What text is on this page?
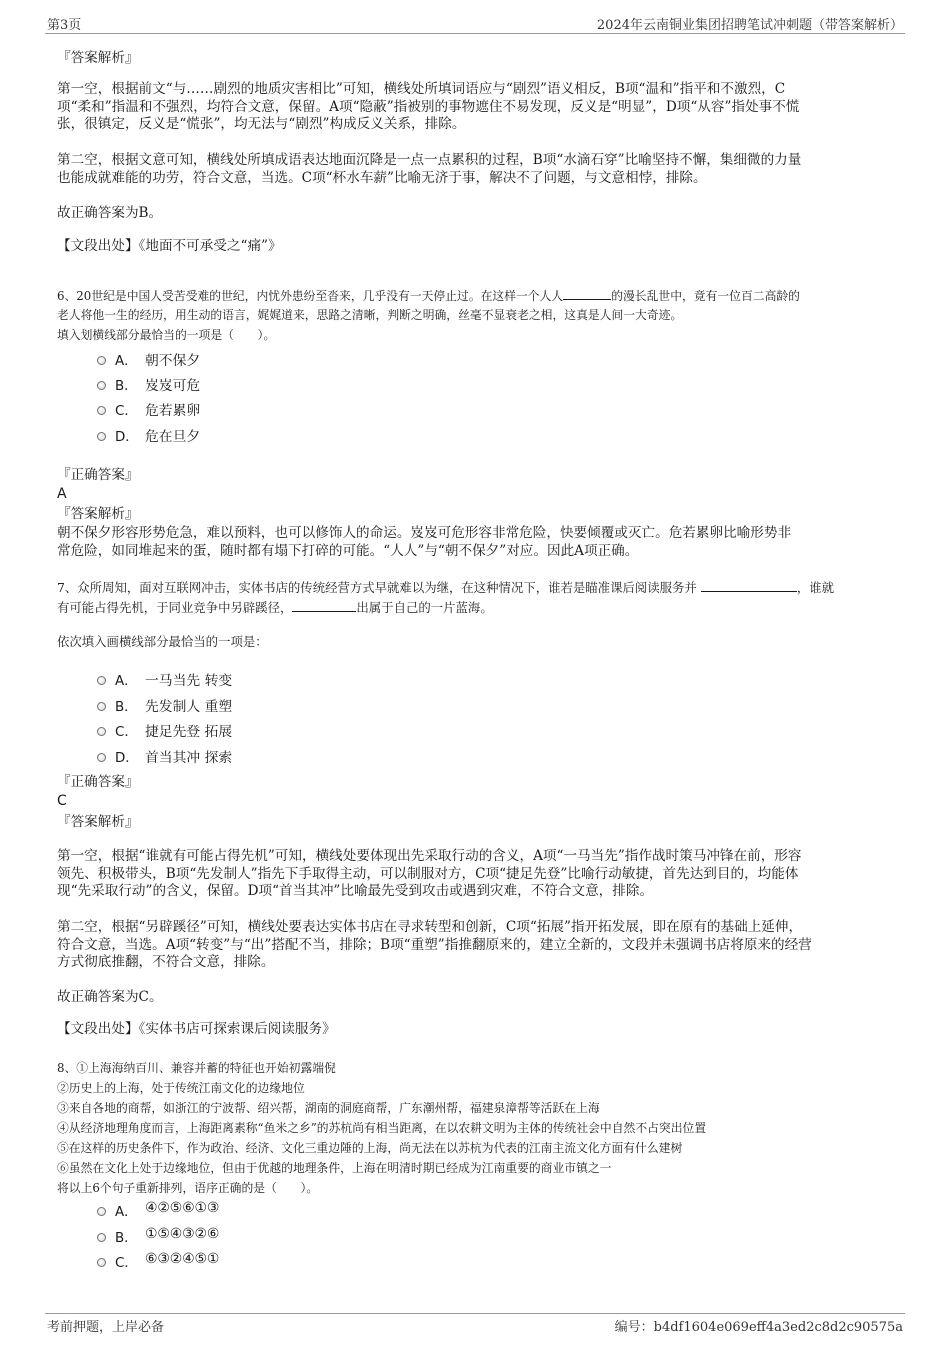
第3页	2024年云南铜业集团招聘笔试冲刺题（带答案解析）
『答案解析』
第一空，根据前文“与……剧烈的地质灾害相比”可知，横线处所填词语应与“剧烈”语义相反，B项“温和”指平和不激烈，C
项“柔和”指温和不强烈，均符合文意，保留。A项“隐蔽”指被别的事物遮住不易发现，反义是“明显”，D项“从容”指处事不慌
张，很镇定，反义是“慌张”，均无法与“剧烈”构成反义关系，排除。
第二空，根据文意可知，横线处所填成语表达地面沉降是一点一点累积的过程，B项“水滴石穿”比喻坚持不懈，集细微的力量
也能成就难能的功劳，符合文意，当选。C项“杯水车薪”比喻无济于事，解决不了问题，与文意相悖，排除。
故正确答案为B。
【文段出处】《地面不可承受之“痛”》
6、20世纪是中国人受苦受难的世纪，内忧外患纷至沓来，几乎没有一天停止过。在这样一个人人	的漫长乱世中，竟有一位百二高龄的
老人将他一生的经历，用生动的语言，娓娓道来，思路之清晰，判断之明确，丝毫不显衰老之相，这真是人间一大奇迹。
填入划横线部分最恰当的一项是（　　）。
A． 朝不保夕
B． 岌岌可危
C． 危若累卵
D． 危在旦夕
『正确答案』
A
『答案解析』
朝不保夕形容形势危急，难以预料，也可以修饰人的命运。岌岌可危形容非常危险，快要倾覆或灭亡。危若累卵比喻形势非
常危险，如同堆起来的蛋，随时都有塌下打碎的可能。“人人”与“朝不保夕”对应。因此A项正确。
7、众所周知，面对互联网冲击，实体书店的传统经营方式早就难以为继，在这种情况下，谁若是瞄准课后阅读服务并	，谁就
有可能占得先机，于同业竞争中另辟蹊径，	出属于自己的一片蓝海。
依次填入画横线部分最恰当的一项是：
A． 一马当先 转变
B． 先发制人 重塑
C． 捷足先登 拓展
D． 首当其冲 探索
『正确答案』
C
『答案解析』
第一空，根据“谁就有可能占得先机”可知，横线处要体现出先采取行动的含义，A项“一马当先”指作战时策马冲锋在前，形容
领先、积极带头，B项“先发制人”指先下手取得主动，可以制服对方，C项“捷足先登”比喻行动敏捷，首先达到目的，均能体
现“先采取行动”的含义，保留。D项“首当其冲”比喻最先受到攻击或遇到灾难，不符合文意，排除。
第二空，根据“另辟蹊径”可知，横线处要表达实体书店在寻求转型和创新，C项“拓展”指开拓发展，即在原有的基础上延伸，
符合文意，当选。A项“转变”与“出”搭配不当，排除；B项“重塑”指推翻原来的，建立全新的，文段并未强调书店将原来的经营
方式彻底推翻，不符合文意，排除。
故正确答案为C。
【文段出处】《实体书店可探索课后阅读服务》
8、①上海海纳百川、兼容并蓄的特征也开始初露端倪
②历史上的上海，处于传统江南文化的边缘地位
③来自各地的商帮，如浙江的宁波帮、绍兴帮，湖南的洞庭商帮，广东潮州帮，福建泉漳帮等活跃在上海
④从经济地理角度而言，上海距离素称“鱼米之乡”的苏杭尚有相当距离，在以农耕文明为主体的传统社会中自然不占突出位置
⑤在这样的历史条件下，作为政治、经济、文化三重边陲的上海，尚无法在以苏杭为代表的江南主流文化方面有什么建树
⑥虽然在文化上处于边缘地位，但由于优越的地理条件，上海在明清时期已经成为江南重要的商业市镇之一
将以上6个句子重新排列，语序正确的是（　　）。
A． ④②⑤⑥①③
B． ①⑤④③②⑥
C． ⑥③②④⑤①
考前押题，上岸必备	编号：b4df1604e069eff4a3ed2c8d2c90575a
